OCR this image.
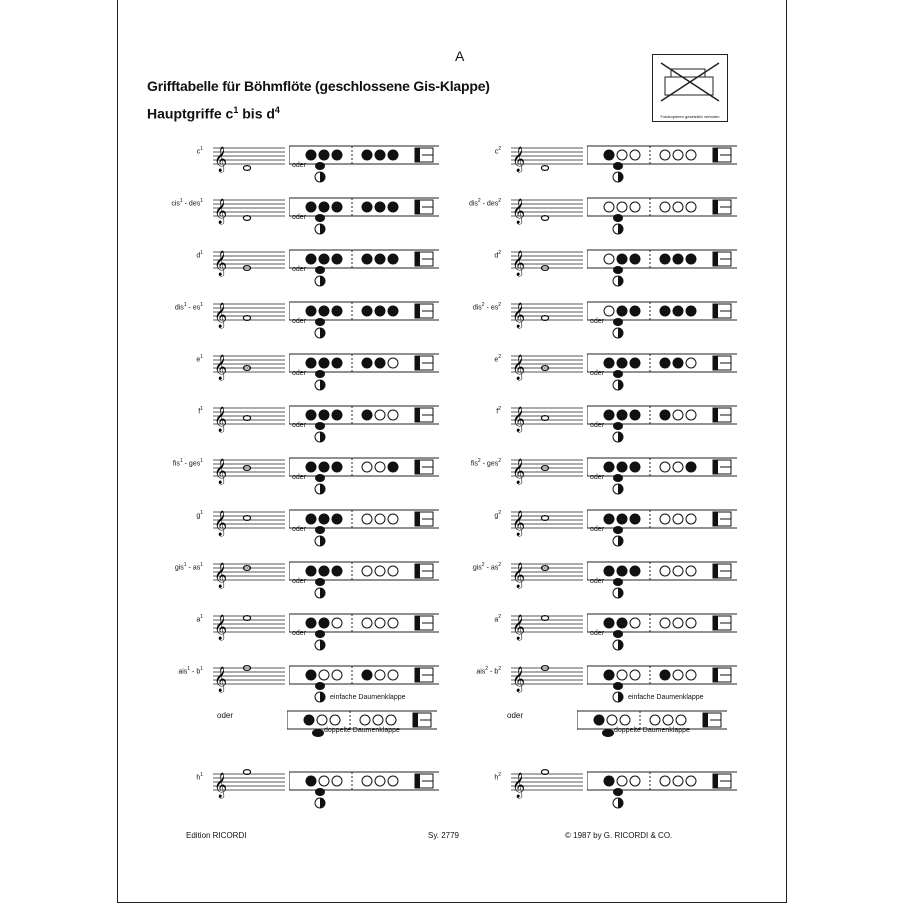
A
Grifftabelle für Böhmflöte (geschlossene Gis-Klappe)
Hauptgriffe $c^1$ bis $d^4$
Fotokopieren gesetzlich verboten
$c^1$ 𝄞	oder
cis$^1$ - des$^1$ 𝄞	oder
$d^1$ 𝄞	oder
$dis^1 - es^1$ 𝄞	oder
$e^1$ 𝄞	oder
$f^1$ 𝄞	oder
fis$^1$ - ges$^1$ 𝄞	oder
$g^1$ 𝄞	oder
$gis^1 - as^1$ 𝄞	oder
$a^1$ 𝄞	oder
$ais^1 - b^1$ 𝄞
einfache Daumenklappe
$h^1$ 𝄞
$c^2$ 𝄞
dis$^2$ - des$^2$ 𝄞
$d^2$ 𝄞
$dis^2 - es^2$ 𝄞	oder
$e^2$ 𝄞	oder
$f^2$ 𝄞	oder
fis$^2$ - ges$^2$ 𝄞	oder
$g^2$ 𝄞	oder
$gis^2 - as^2$ 𝄞	oder
$a^2$ 𝄞	oder
$ais^2 - b^2$ 𝄞
einfache Daumenklappe
$h^2$ 𝄞
oder
doppelte Daumenklappe
oder
doppelte Daumenklappe
Edition RICORDI	Sy. 2779	© 1987 by G. RICORDI & CO.
